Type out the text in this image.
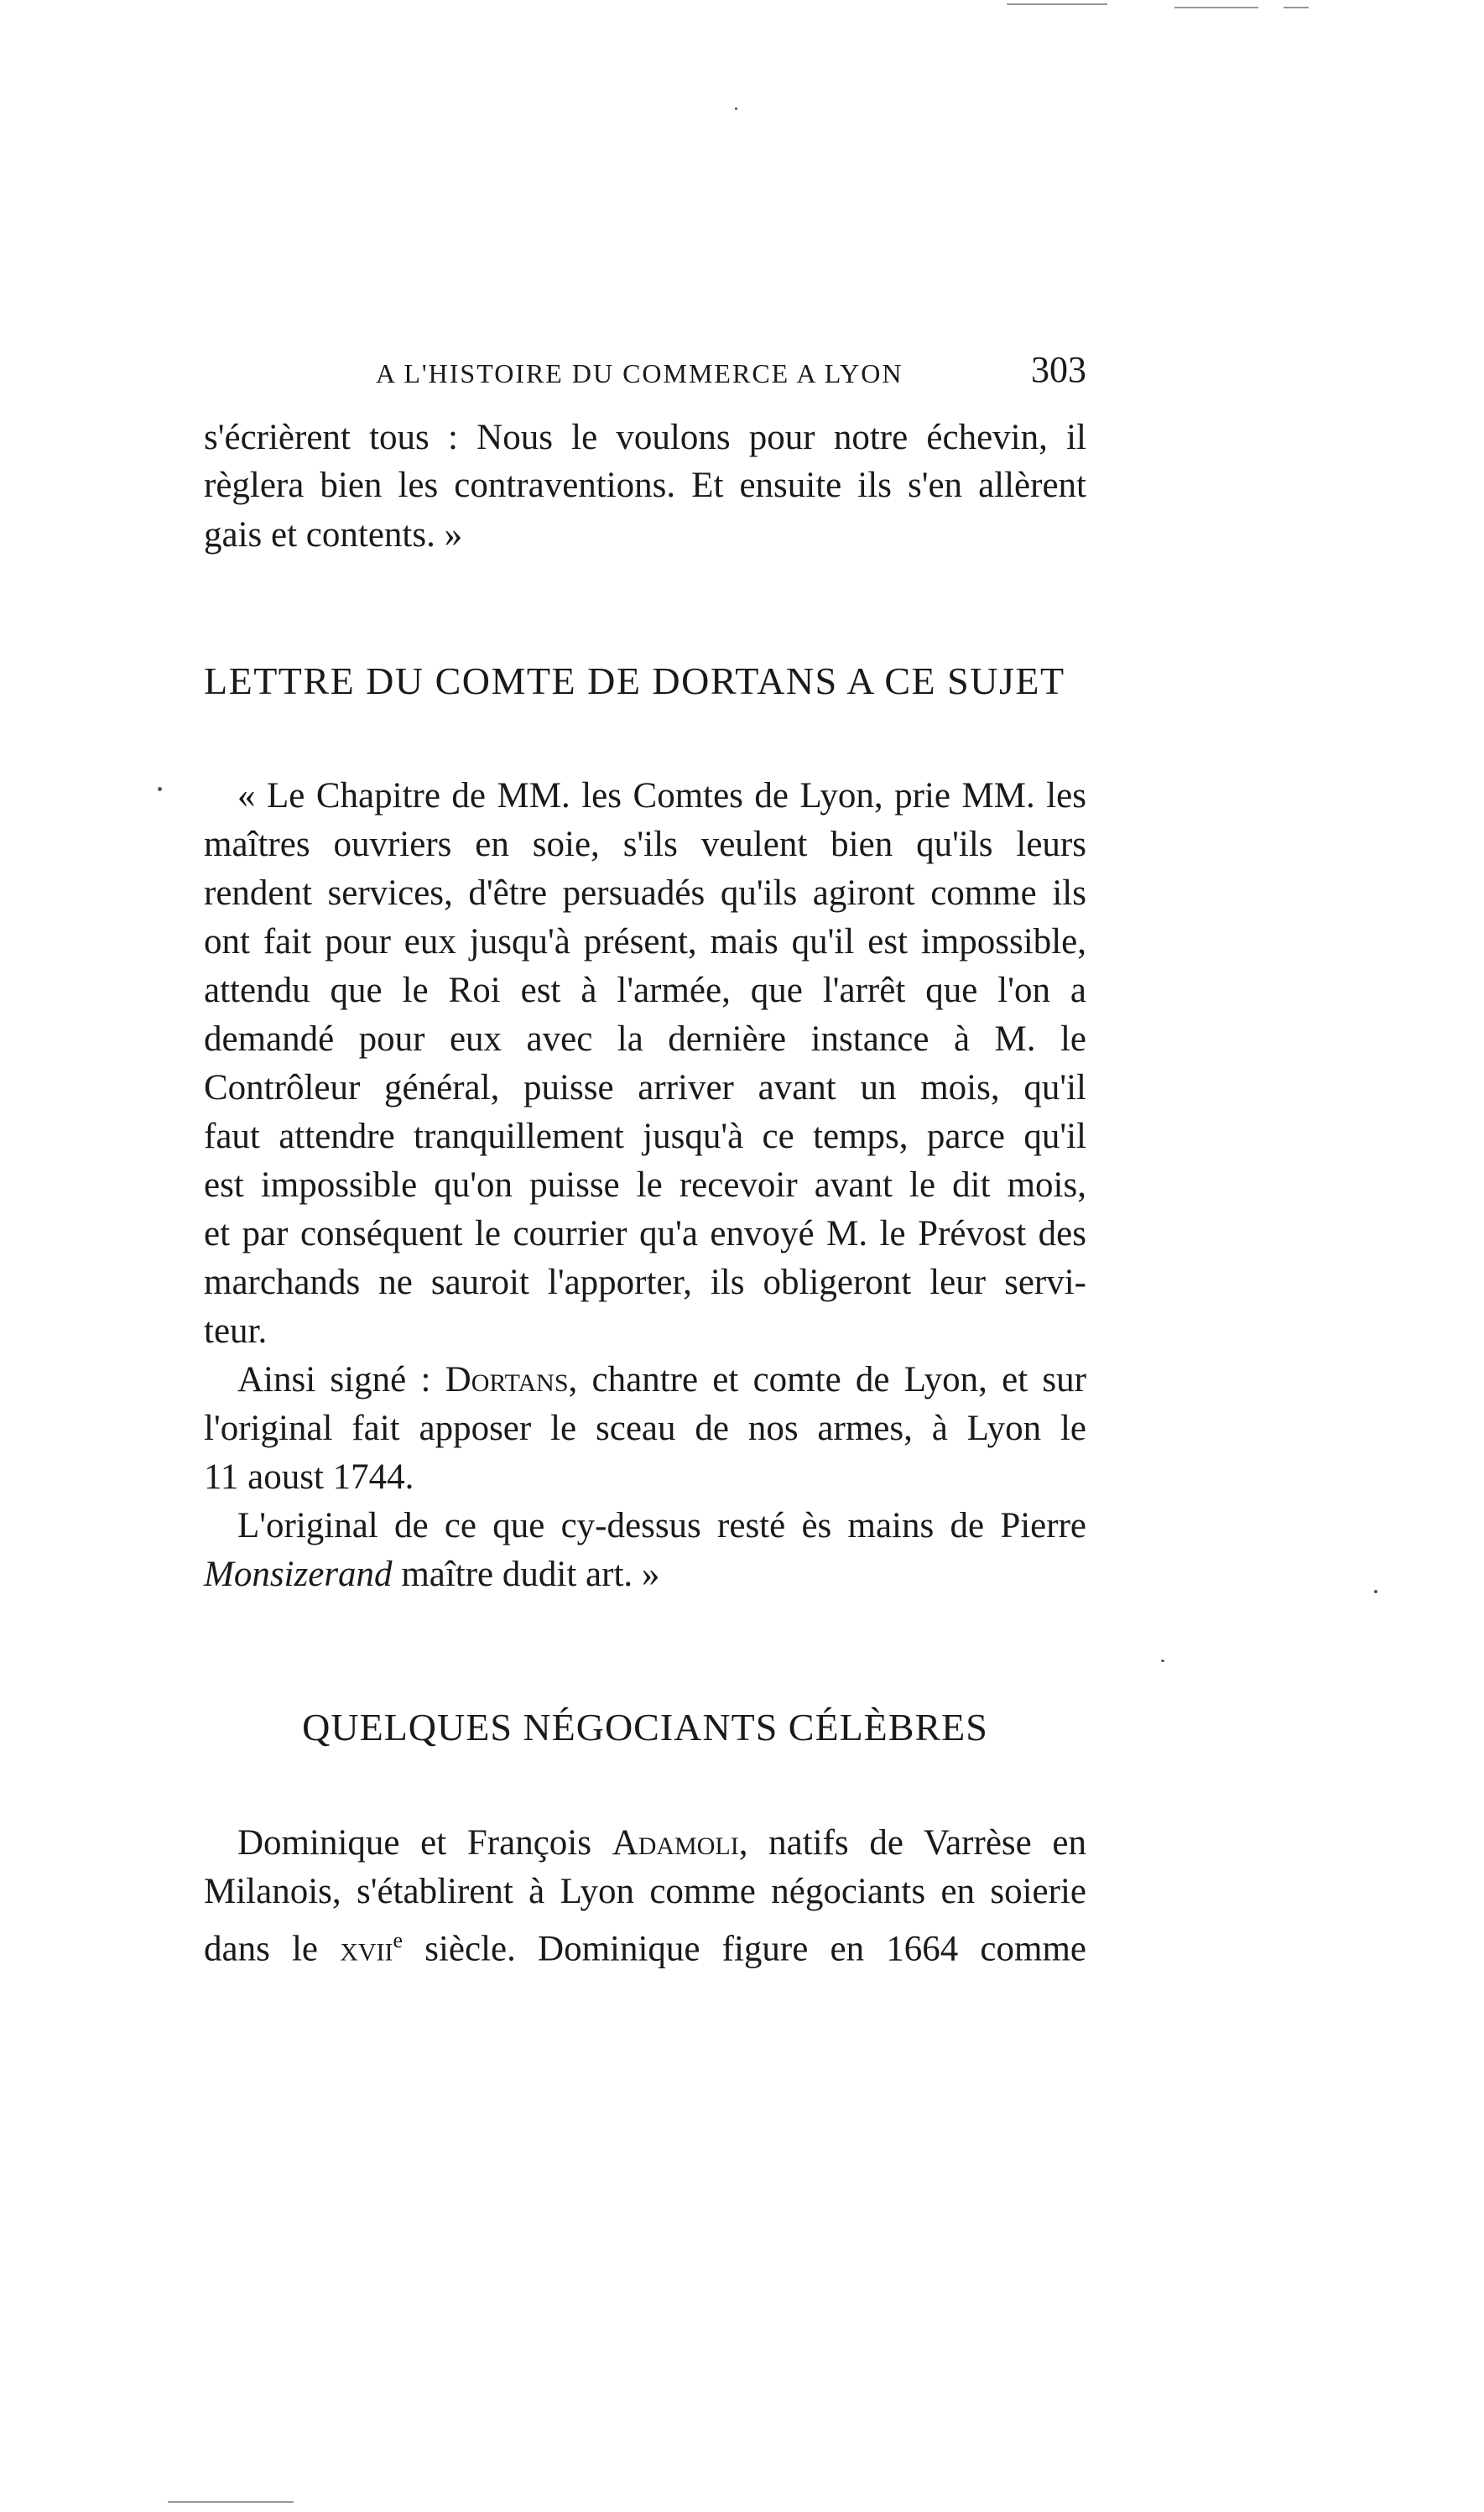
A L'HISTOIRE DU COMMERCE A LYON	303
s'écrièrent tous : Nous le voulons pour notre échevin, il
règlera bien les contraventions. Et ensuite ils s'en allèrent
gais et contents. »
LETTRE DU COMTE DE DORTANS A CE SUJET
« Le Chapitre de MM. les Comtes de Lyon, prie MM. les
maîtres ouvriers en soie, s'ils veulent bien qu'ils leurs
rendent services, d'être persuadés qu'ils agiront comme ils
ont fait pour eux jusqu'à présent, mais qu'il est impossible,
attendu que le Roi est à l'armée, que l'arrêt que l'on a
demandé pour eux avec la dernière instance à M. le
Contrôleur général, puisse arriver avant un mois, qu'il
faut attendre tranquillement jusqu'à ce temps, parce qu'il
est impossible qu'on puisse le recevoir avant le dit mois,
et par conséquent le courrier qu'a envoyé M. le Prévost des
marchands ne sauroit l'apporter, ils obligeront leur servi-
teur.
Ainsi signé : Dortans, chantre et comte de Lyon, et sur
l'original fait apposer le sceau de nos armes, à Lyon le
11 aoust 1744.
L'original de ce que cy-dessus resté ès mains de Pierre
Monsizerand maître dudit art. »
QUELQUES NÉGOCIANTS CÉLÈBRES
Dominique et François Adamoli, natifs de Varrèse en
Milanois, s'établirent à Lyon comme négociants en soierie
dans le xvii$^e$ siècle. Dominique figure en 1664 comme
